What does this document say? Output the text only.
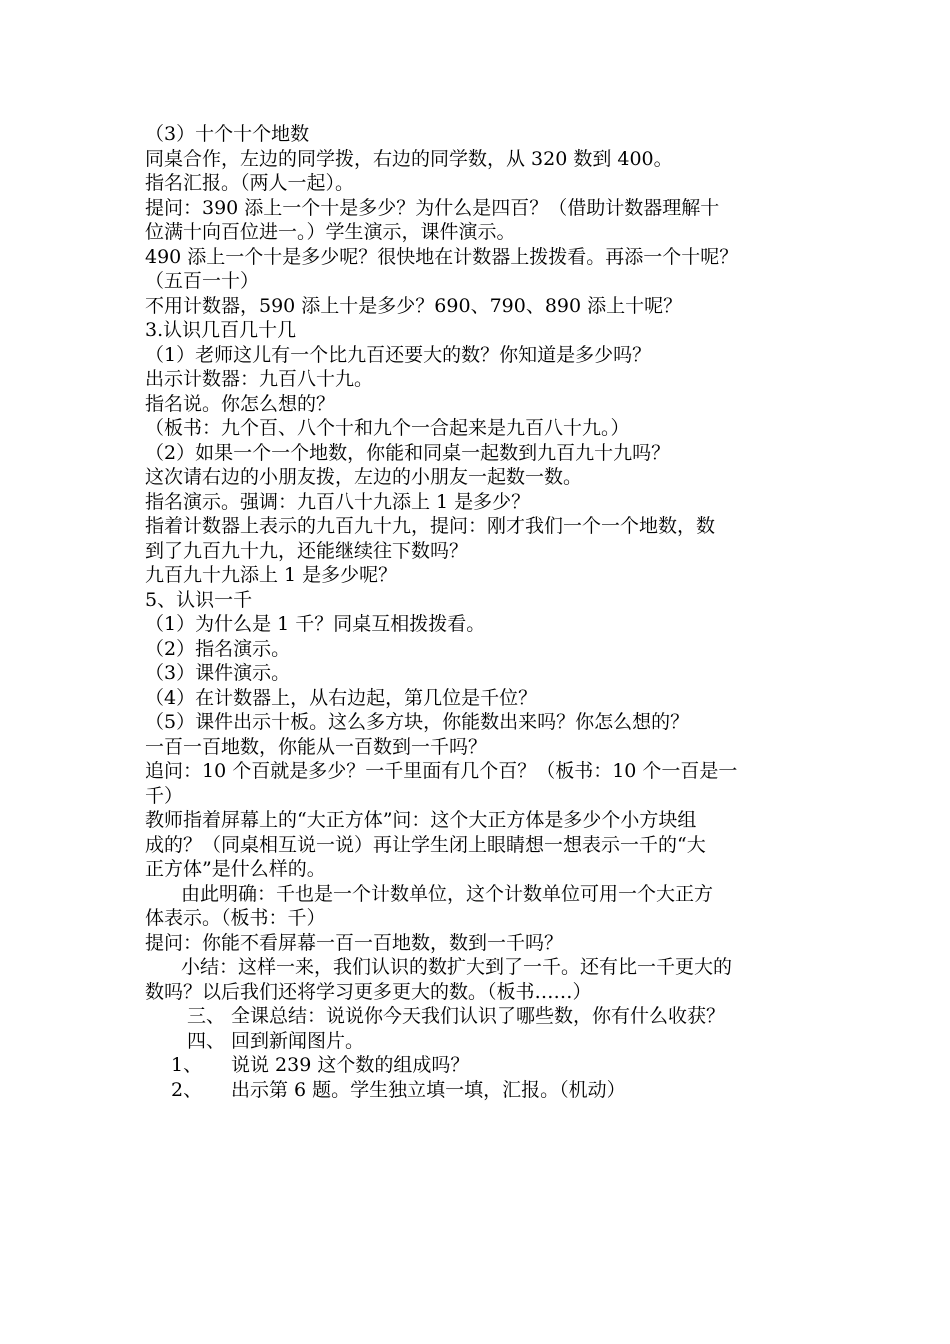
（3）十个十个地数
同桌合作，左边的同学拨，右边的同学数，从 320 数到 400。
指名汇报。（两人一起）。
提问：390 添上一个十是多少？为什么是四百？（借助计数器理解十
位满十向百位进一。）学生演示，课件演示。
490 添上一个十是多少呢？很快地在计数器上拨拨看。再添一个十呢？
（五百一十）
不用计数器，590 添上十是多少？690、790、890 添上十呢？
3.认识几百几十几
（1）老师这儿有一个比九百还要大的数？你知道是多少吗？
出示计数器：九百八十九。
指名说。你怎么想的？
（板书：九个百、八个十和九个一合起来是九百八十九。）
（2）如果一个一个地数，你能和同桌一起数到九百九十九吗？
这次请右边的小朋友拨，左边的小朋友一起数一数。
指名演示。强调：九百八十九添上 1 是多少？
指着计数器上表示的九百九十九，提问：刚才我们一个一个地数，数
到了九百九十九，还能继续往下数吗？
九百九十九添上 1 是多少呢？
5、认识一千
（1）为什么是 1 千？同桌互相拨拨看。
（2）指名演示。
（3）课件演示。
（4）在计数器上，从右边起，第几位是千位？
（5）课件出示十板。这么多方块，你能数出来吗？你怎么想的？
一百一百地数，你能从一百数到一千吗？
追问：10 个百就是多少？一千里面有几个百？（板书：10 个一百是一
千）
教师指着屏幕上的“大正方体”问：这个大正方体是多少个小方块组
成的？（同桌相互说一说）再让学生闭上眼睛想一想表示一千的“大
正方体”是什么样的。
由此明确：千也是一个计数单位，这个计数单位可用一个大正方
体表示。（板书：千）
提问：你能不看屏幕一百一百地数，数到一千吗？
小结：这样一来，我们认识的数扩大到了一千。还有比一千更大的
数吗？以后我们还将学习更多更大的数。（板书……）
三、 全课总结：说说你今天我们认识了哪些数，你有什么收获？
四、 回到新闻图片。
1、 说说 239 这个数的组成吗？
2、 出示第 6 题。学生独立填一填，汇报。（机动）
